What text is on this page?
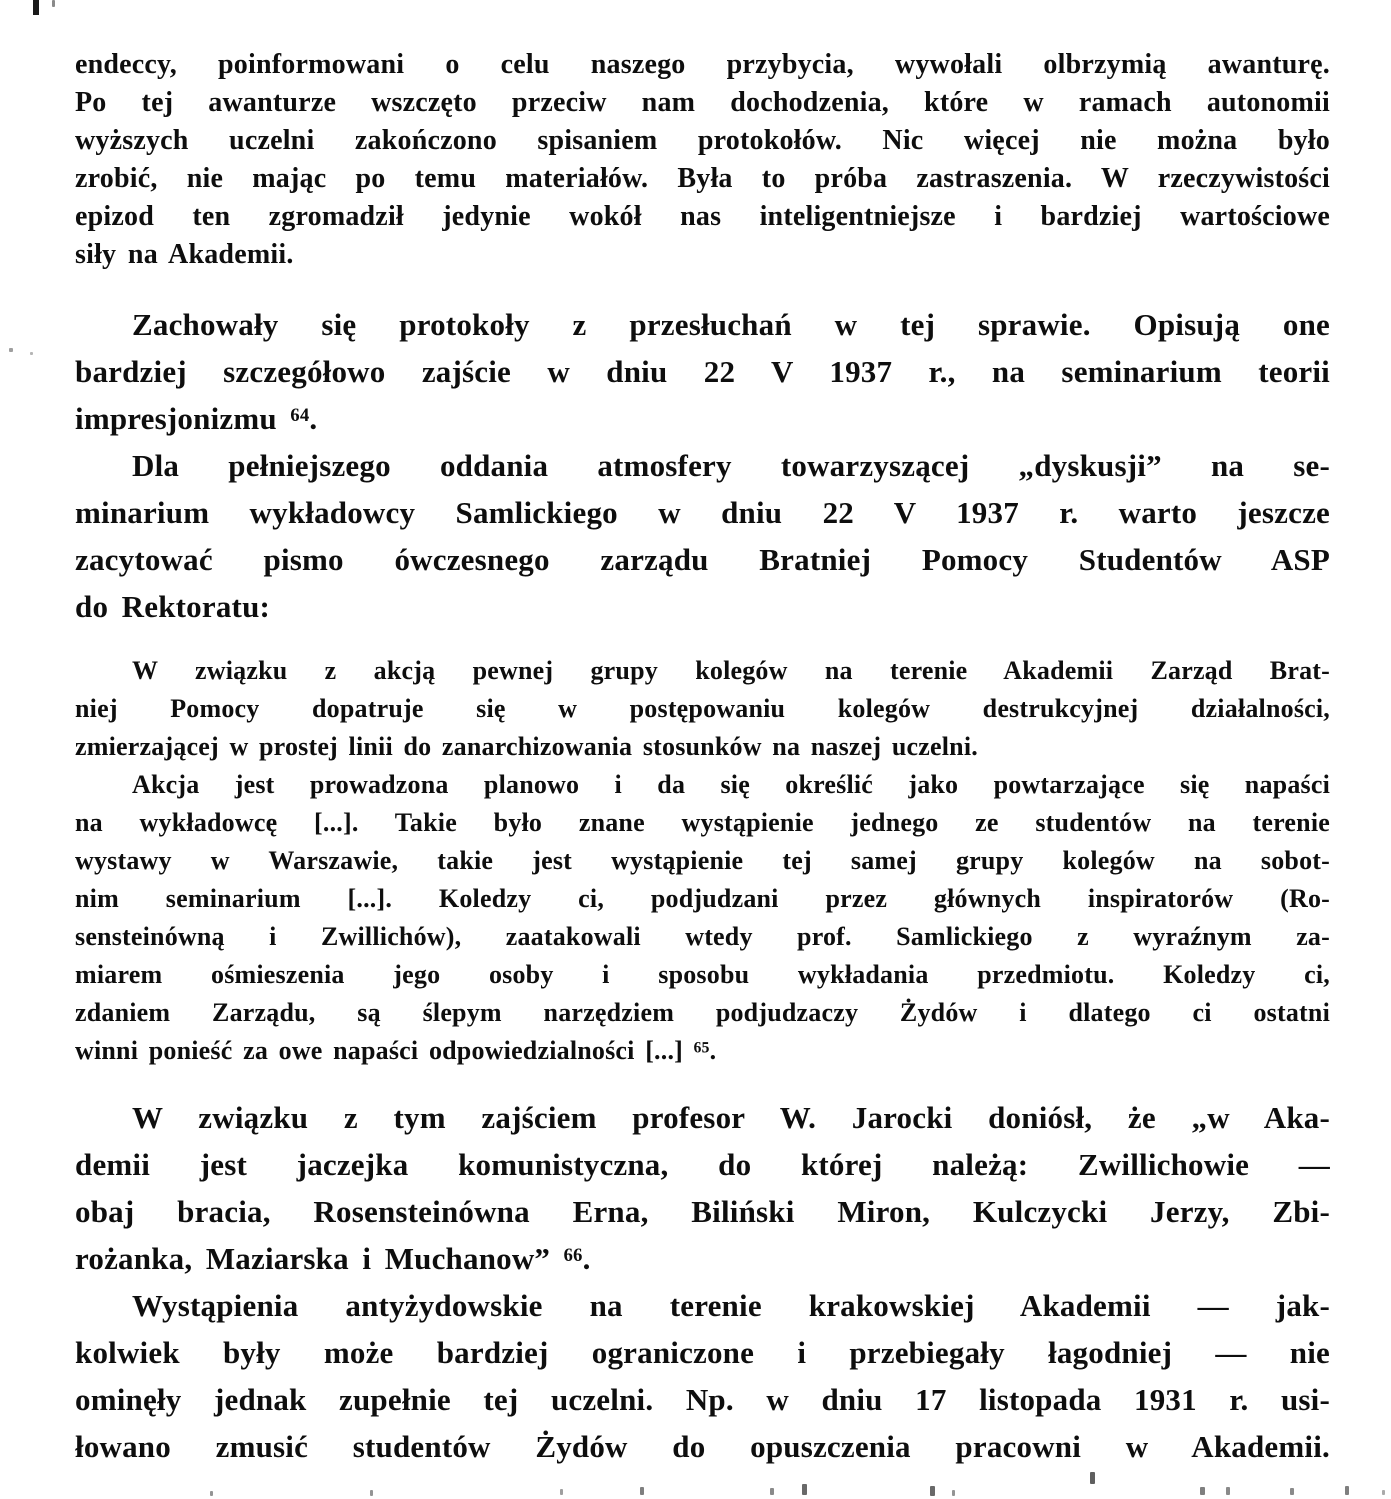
endeccy, poinformowani o celu naszego przybycia, wywołali olbrzymią awanturę.
Po tej awanturze wszczęto przeciw nam dochodzenia, które w ramach autonomii
wyższych uczelni zakończono spisaniem protokołów. Nic więcej nie można było
zrobić, nie mając po temu materiałów. Była to próba zastraszenia. W rzeczywistości
epizod ten zgromadził jedynie wokół nas inteligentniejsze i bardziej wartościowe
siły na Akademii.
Zachowały się protokoły z przesłuchań w tej sprawie. Opisują one
bardziej szczegółowo zajście w dniu 22 V 1937 r., na seminarium teorii
impresjonizmu ⁶⁴.
Dla pełniejszego oddania atmosfery towarzyszącej „dyskusji” na se-
minarium wykładowcy Samlickiego w dniu 22 V 1937 r. warto jeszcze
zacytować pismo ówczesnego zarządu Bratniej Pomocy Studentów ASP
do Rektoratu:
W związku z akcją pewnej grupy kolegów na terenie Akademii Zarząd Brat-
niej Pomocy dopatruje się w postępowaniu kolegów destrukcyjnej działalności,
zmierzającej w prostej linii do zanarchizowania stosunków na naszej uczelni.
Akcja jest prowadzona planowo i da się określić jako powtarzające się napaści
na wykładowcę [...]. Takie było znane wystąpienie jednego ze studentów na terenie
wystawy w Warszawie, takie jest wystąpienie tej samej grupy kolegów na sobot-
nim seminarium [...]. Koledzy ci, podjudzani przez głównych inspiratorów (Ro-
sensteinówną i Zwillichów), zaatakowali wtedy prof. Samlickiego z wyraźnym za-
miarem ośmieszenia jego osoby i sposobu wykładania przedmiotu. Koledzy ci,
zdaniem Zarządu, są ślepym narzędziem podjudzaczy Żydów i dlatego ci ostatni
winni ponieść za owe napaści odpowiedzialności [...] ⁶⁵.
W związku z tym zajściem profesor W. Jarocki doniósł, że „w Aka-
demii jest jaczejka komunistyczna, do której należą: Zwillichowie —
obaj bracia, Rosensteinówna Erna, Biliński Miron, Kulczycki Jerzy, Zbi-
rożanka, Maziarska i Muchanow” ⁶⁶.
Wystąpienia antyżydowskie na terenie krakowskiej Akademii — jak-
kolwiek były może bardziej ograniczone i przebiegały łagodniej — nie
ominęły jednak zupełnie tej uczelni. Np. w dniu 17 listopada 1931 r. usi-
łowano zmusić studentów Żydów do opuszczenia pracowni w Akademii.
